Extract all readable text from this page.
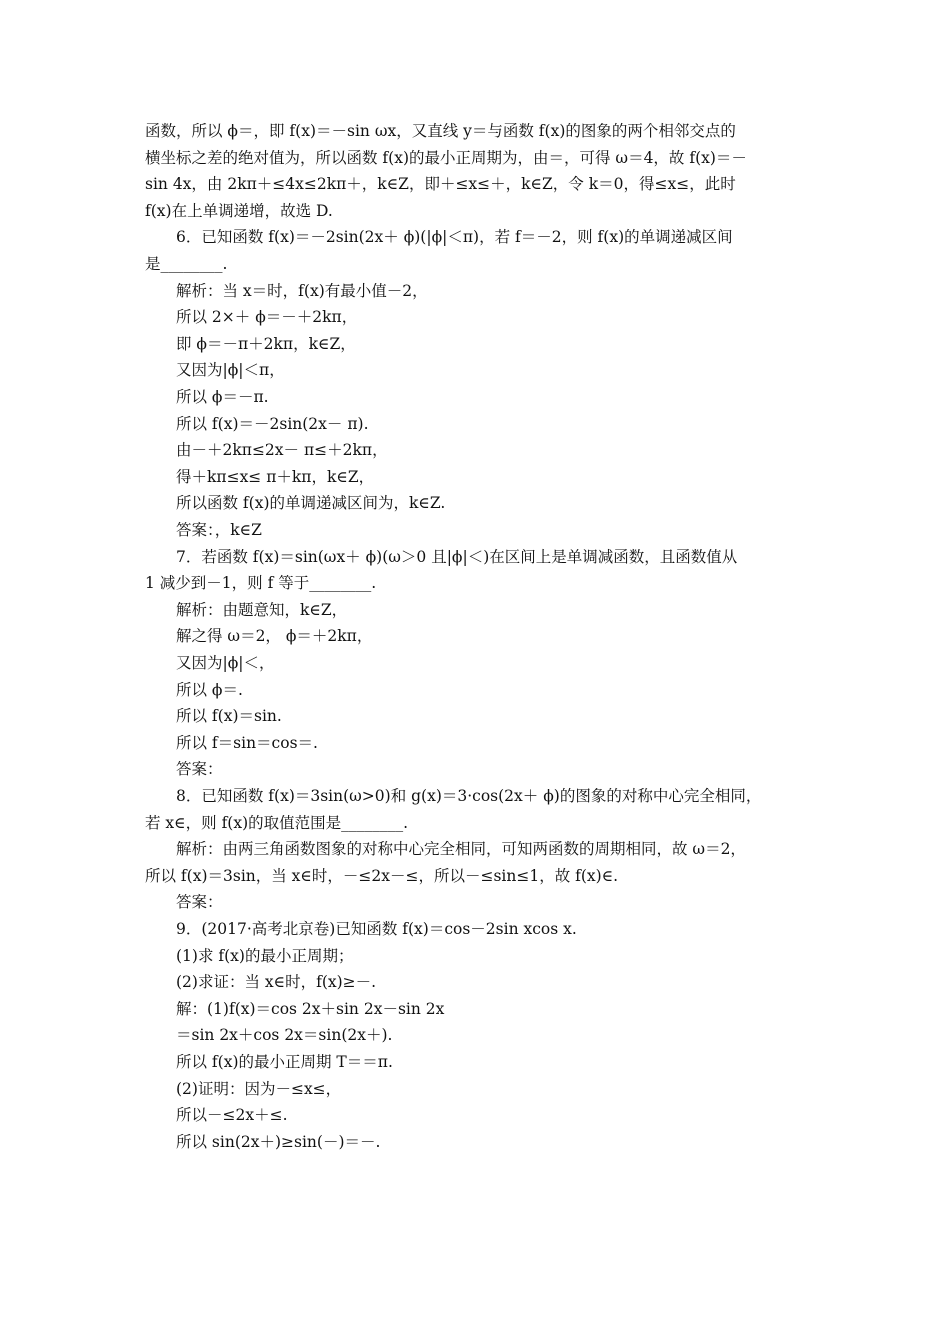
函数，所以 ϕ＝，即 f(x)＝－sin ωx，又直线 y＝与函数 f(x)的图象的两个相邻交点的
横坐标之差的绝对值为，所以函数 f(x)的最小正周期为，由＝，可得 ω＝4，故 f(x)＝－
sin 4x，由 2kπ＋≤4x≤2kπ＋，k∈Z，即＋≤x≤＋，k∈Z，令 k＝0，得≤x≤，此时
f(x)在上单调递增，故选 D.
6．已知函数 f(x)＝－2sin(2x＋ ϕ)(|ϕ|＜π)，若 f＝－2，则 f(x)的单调递减区间
是________.
解析：当 x＝时，f(x)有最小值－2，
所以 2×＋ ϕ＝－＋2kπ，
即 ϕ＝－π＋2kπ，k∈Z，
又因为|ϕ|＜π，
所以 ϕ＝－π.
所以 f(x)＝－2sin(2x－ π).
由－＋2kπ≤2x－ π≤＋2kπ，
得＋kπ≤x≤ π＋kπ，k∈Z，
所以函数 f(x)的单调递减区间为，k∈Z.
答案：，k∈Z
7．若函数 f(x)＝sin(ωx＋ ϕ)(ω＞0 且|ϕ|＜)在区间上是单调减函数，且函数值从
1 减少到－1，则 f 等于________.
解析：由题意知，k∈Z，
解之得 ω＝2， ϕ＝＋2kπ，
又因为|ϕ|＜，
所以 ϕ＝.
所以 f(x)＝sin.
所以 f＝sin＝cos＝.
答案：
8．已知函数 f(x)＝3sin(ω>0)和 g(x)＝3·cos(2x＋ ϕ)的图象的对称中心完全相同，
若 x∈，则 f(x)的取值范围是________.
解析：由两三角函数图象的对称中心完全相同，可知两函数的周期相同，故 ω＝2，
所以 f(x)＝3sin，当 x∈时，－≤2x－≤，所以－≤sin≤1，故 f(x)∈.
答案：
9．(2017·高考北京卷)已知函数 f(x)＝cos－2sin xcos x.
(1)求 f(x)的最小正周期；
(2)求证：当 x∈时，f(x)≥－.
解：(1)f(x)＝cos 2x＋sin 2x－sin 2x
＝sin 2x＋cos 2x＝sin(2x＋).
所以 f(x)的最小正周期 T＝＝π.
(2)证明：因为－≤x≤，
所以－≤2x＋≤.
所以 sin(2x＋)≥sin(－)＝－.
